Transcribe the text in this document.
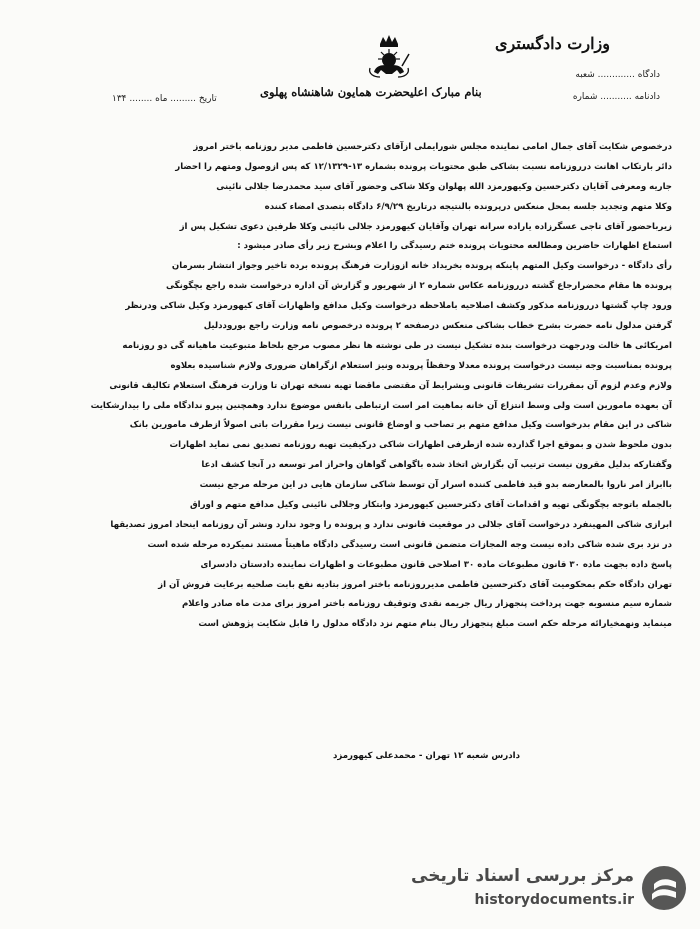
وزارت دادگستری
دادگاه ............. شعبه
دادنامه ........... شماره
بنام مبارک اعلیحضرت همایون شاهنشاه پهلوی
تاریخ ......... ماه ........ ۱۳۴
درخصوص شکایت آقای جمال امامی نماینده مجلس شورایملی ازآقای دکترحسین فاطمی مدیر روزنامه باختر امروز
دائر بارتکاب اهانت درروزنامه نسبت بشاکی طبق محتویات پرونده بشماره ۱۳-۱۲/۱۳۲۹ که پس ازوصول ومتهم را احضار
جاریه ومعرفی آقایان دکترحسین وکیهورمزد الله پهلوان وکلا شاکی وحضور آقای سید محمدرضا جلالی نائینی
وکلا متهم وتجدید جلسه بمحل منعکس درپرونده بالنتیجه درتاریخ ۶/۹/۲۹ دادگاه بتصدی امضاء کننده
زیرباحضور آقای تاجی عسگرزاده یاراده سرانه تهران وآقایان کیهورمزد جلالی نائینی وکلا طرفین دعوی تشکیل پس از
استماع اظهارات حاضرین ومطالعه محتویات پرونده ختم رسیدگی را اعلام وبشرح زیر رأی صادر میشود :
رأی دادگاه - درخواست وکیل المتهم پاینکه پرونده بخریداد خانه ازوزارت فرهنگ پرونده برده تاخیر وجواز انتشار بسرمان
پرونده ها مقام محضرارجاع گشته درروزنامه عکاس شماره ۲ از شهریور و گزارش آن اداره درخواست شده راجع بچگونگی
ورود چاپ گشتها درروزنامه مذکور وکشف اصلاحیه باملاحظه درخواست وکیل مدافع واظهارات آقای کیهورمزد وکیل شاکی ودرنظر
گرفتن مدلول نامه حضرت بشرح خطاب بشاکی منعکس درصفحه ۲ پرونده درخصوص نامه وزارت راجع بوروددلیل
امریکائی ها خالت ودرجهت درخواست بنده تشکیل نیست در طی نوشته ها نظر مصوب مرجع بلحاظ متبوعیت ماهیانه گی دو روزنامه
پرونده بمناسبت وجه نیست درخواست پرونده معدلا وحفظاً پرونده ونیز استعلام ازگراهان ضروری ولازم شناسیده بعلاوه
ولازم وعدم لزوم آن بمقررات تشریفات قانونی وبشرایط آن مقتضی ماقضا تهیه نسخه تهران تا وزارت فرهنگ استعلام تکالیف قانونی
آن بعهده مامورین است ولی وسط انتزاع آن خانه بماهیت امر است ارتباطی بانفس موضوع ندارد وهمچنین پیرو ندادگاه ملی را بیدارشکایت
شاکی در این مقام بدرخواست وکیل مدافع متهم بر تصاحب و اوضاع قانونی نیست زیرا مقررات باتی اصولاً ازطرف مامورین بانک
بدون ملحوظ شدن و بموقع اجرا گذارده شده ازطرفی اظهارات شاکی درکیفیت تهیه روزنامه تصدیق نمی نماید اظهارات
وگفتارکه بدلیل مقرون نیست ترتیب آن بگزارش اتخاذ شده باگواهی گواهان واحراز امر توسعه در آنجا کشف ادعا
باابراز امر ناروا بالمعارضه بدو قید فاطمی کننده اسرار آن توسط شاکی سازمان هایی در این مرحله مرجع نیست
بالجمله باتوجه بچگونگی تهیه و اقدامات آقای دکترحسین کیهورمزد وابتکار وجلالی نائینی وکیل مدافع متهم و اوراق
ابرازی شاکی المهینفرد درخواست آقای جلالی در موقعیت قانونی ندارد و پرونده را وجود ندارد ونشر آن روزنامه اینحاد امروز تصدیقها
در نزد بری شده شاکی داده نیست وجه المجازات متضمن قانونی است رسیدگی دادگاه ماهیتاً مستند نمیکرده مرحله شده است
پاسخ داده بجهت ماده ۳۰ قانون مطبوعات ماده ۳۰ اصلاحی قانون مطبوعات و اظهارات نماینده دادستان دادسرای
تهران دادگاه حکم بمحکومیت آقای دکترحسین فاطمی مدیرروزنامه باختر امروز بتادیه نفع بابت صلحیه برعایت فروش آن از
شماره سیم منسوبه جهت پرداخت پنجهزار ریال جریمه نقدی وتوقیف روزنامه باختر امروز برای مدت ماه صادر واعلام
مینماید ونهمخیارائه مرحله حکم است مبلغ پنجهزار ریال بنام متهم نزد دادگاه مدلول را قابل شکایت پژوهش است
دادرس شعبه ۱۲ تهران - محمدعلی کیهورمزد
مرکز بررسی اسناد تاریخی
historydocuments.ir
